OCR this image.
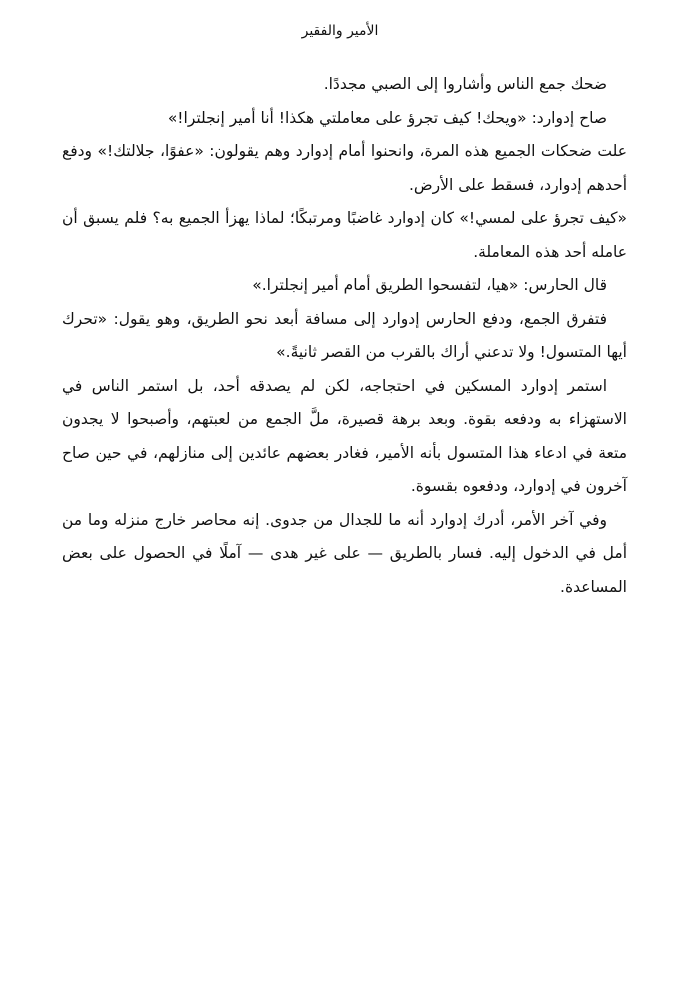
الأمير والفقير

ضحك جمع الناس وأشاروا إلى الصبي مجددًا.

صاح إدوارد: «ويحك! كيف تجرؤ على معاملتي هكذا! أنا أمير إنجلترا!»

علت ضحكات الجميع هذه المرة، وانحنوا أمام إدوارد وهم يقولون: «عفوًا، جلالتك!» ودفع أحدهم إدوارد، فسقط على الأرض.

«كيف تجرؤ على لمسي!» كان إدوارد غاضبًا ومرتبكًا؛ لماذا يهزأ الجميع به؟ فلم يسبق أن عامله أحد هذه المعاملة.

قال الحارس: «هيا، لتفسحوا الطريق أمام أمير إنجلترا.»

فتفرق الجمع، ودفع الحارس إدوارد إلى مسافة أبعد نحو الطريق، وهو يقول: «تحرك أيها المتسول! ولا تدعني أراك بالقرب من القصر ثانيةً.»

استمر إدوارد المسكين في احتجاجه، لكن لم يصدقه أحد، بل استمر الناس في الاستهزاء به ودفعه بقوة. وبعد برهة قصيرة، ملَّ الجمع من لعبتهم، وأصبحوا لا يجدون متعة في ادعاء هذا المتسول بأنه الأمير، فغادر بعضهم عائدين إلى منازلهم، في حين صاح آخرون في إدوارد، ودفعوه بقسوة.

وفي آخر الأمر، أدرك إدوارد أنه ما للجدال من جدوى. إنه محاصر خارج منزله وما من أمل في الدخول إليه. فسار بالطريق — على غير هدى — آملًا في الحصول على بعض المساعدة.
